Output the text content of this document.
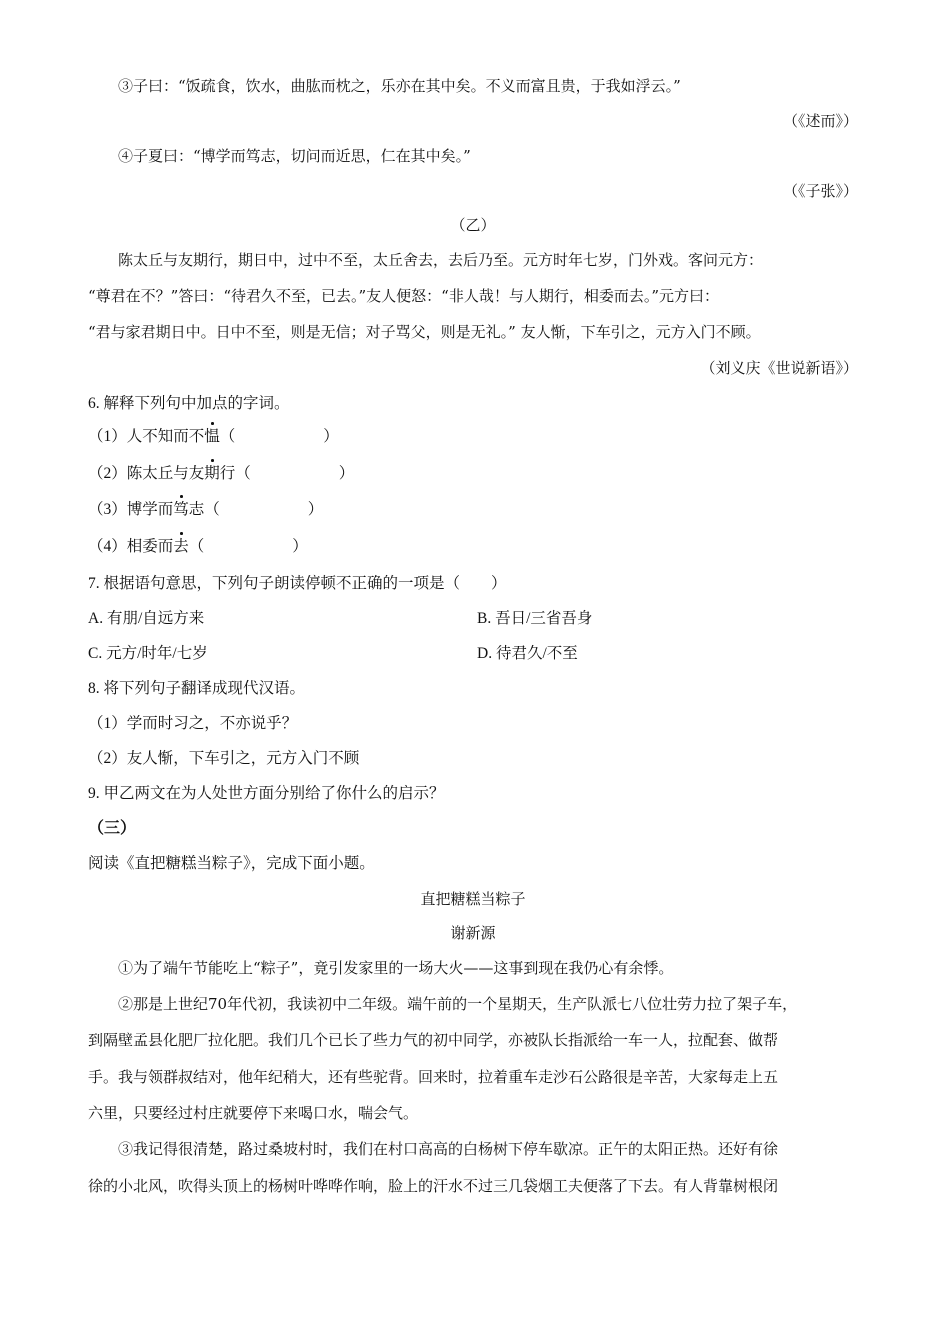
③子曰：“饭疏食，饮水，曲肱而枕之，乐亦在其中矣。不义而富且贵，于我如浮云。”
（《述而》）
④子夏曰：“博学而笃志，切问而近思，仁在其中矣。”
（《子张》）
（乙）
陈太丘与友期行，期日中，过中不至，太丘舍去，去后乃至。元方时年七岁，门外戏。客问元方：
“尊君在不？”答曰：“待君久不至，已去。”友人便怒：“非人哉！与人期行，相委而去。”元方曰：
“君与家君期日中。日中不至，则是无信；对子骂父，则是无礼。” 友人惭，下车引之，元方入门不顾。
（刘义庆《世说新语》）
6. 解释下列句中加点的字词。
（1）人不知而不愠（	）
（2）陈太丘与友期行（	）
（3）博学而笃志（	）
（4）相委而去（	）
7. 根据语句意思，下列句子朗读停顿不正确的一项是（　　）
A. 有朋/自远方来	B. 吾日/三省吾身
C. 元方/时年/七岁	D. 待君久/不至
8. 将下列句子翻译成现代汉语。
（1）学而时习之，不亦说乎？
（2）友人惭，下车引之，元方入门不顾
9. 甲乙两文在为人处世方面分别给了你什么的启示？
（三）
阅读《直把糖糕当粽子》，完成下面小题。
直把糖糕当粽子
谢新源
①为了端午节能吃上“粽子”，竟引发家里的一场大火——这事到现在我仍心有余悸。
②那是上世纪70年代初，我读初中二年级。端午前的一个星期天，生产队派七八位壮劳力拉了架子车，
到隔壁孟县化肥厂拉化肥。我们几个已长了些力气的初中同学，亦被队长指派给一车一人，拉配套、做帮
手。我与领群叔结对，他年纪稍大，还有些驼背。回来时，拉着重车走沙石公路很是辛苦，大家每走上五
六里，只要经过村庄就要停下来喝口水，喘会气。
③我记得很清楚，路过桑坡村时，我们在村口高高的白杨树下停车歇凉。正午的太阳正热。还好有徐
徐的小北风，吹得头顶上的杨树叶哗哗作响，脸上的汗水不过三几袋烟工夫便落了下去。有人背靠树根闭
